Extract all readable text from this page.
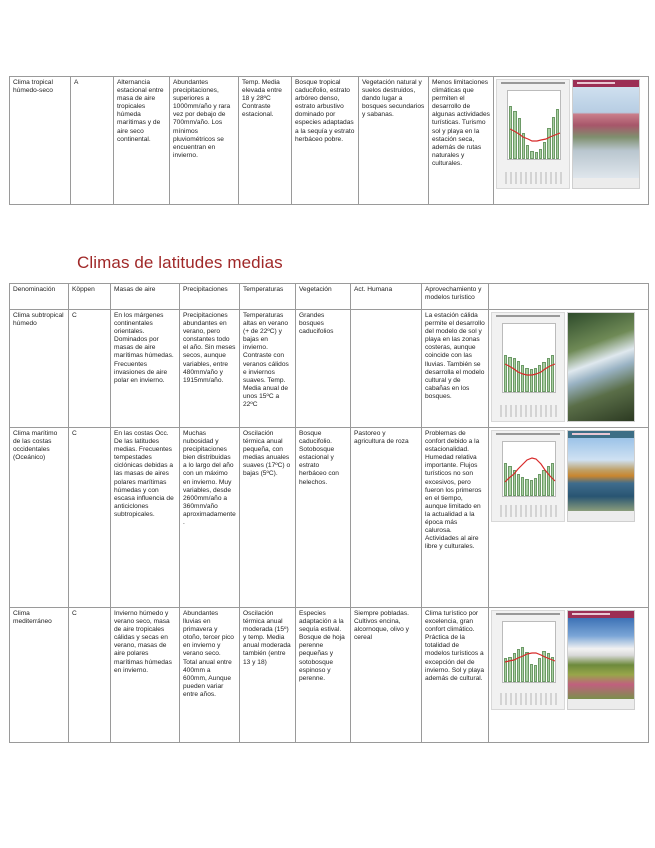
Clima tropical húmedo-seco	A	Alternancia estacional entre masa de aire tropicales húmeda marítimas y de aire seco continental.	Abundantes precipitaciones, superiores a 1000mm/año y rara vez por debajo de 700mm/año. Los mínimos pluviométricos se encuentran en invierno.	Temp. Media elevada entre 18 y 28ºC Contraste estacional.	Bosque tropical caducifolio, estrato arbóreo denso, estrato arbustivo dominado por especies adaptadas a la sequía y estrato herbáceo pobre.	Vegetación natural y suelos destruidos, dando lugar a bosques secundarios y sabanas.	Menos limitaciones climáticas que permiten el desarrollo de algunas actividades turísticas. Turismo sol y playa en la estación seca, además de rutas naturales y culturales.	
Climas de latitudes medias
Denominación	Köppen	Masas de aire	Precipitaciones	Temperaturas	Vegetación	Act. Humana	Aprovechamiento y modelos turístico	
Clima subtropical húmedo	C	En los márgenes continentales orientales. Dominados por masas de aire marítimas húmedas. Frecuentes invasiones de aire polar en invierno.	Precipitaciones abundantes en verano, pero constantes todo el año. Sin meses secos, aunque variables, entre 480mm/año y 1915mm/año.	Temperaturas altas en verano (+ de 22ºC) y bajas en invierno. Contraste con veranos cálidos e inviernos suaves. Temp. Media anual de unos 15ºC a 22ºC	Grandes bosques caducifolios		La estación cálida permite el desarrollo del modelo de sol y playa en las zonas costeras, aunque coincide con las lluvias. También se desarrolla el modelo cultural y de cabañas en los bosques.	

Clima marítimo de las costas occidentales (Oceánico)	C	En las costas Occ. De las latitudes medias. Frecuentes tempestades ciclónicas debidas a las masas de aires polares marítimas húmedas y con escasa influencia de anticiclones subtropicales.	Muchas nubosidad y precipitaciones bien distribuidas a lo largo del año con un máximo en invierno. Muy variables, desde 2600mm/año a 360mm/año aproximadamente.	Oscilación térmica anual pequeña, con medias anuales suaves (17ºC) o bajas (5ºC).	Bosque caducifolio. Sotobosque estacional y estrato herbáceo con helechos.	Pastoreo y agricultura de roza	Problemas de confort debido a la estacionalidad. Humedad relativa importante. Flujos turísticos no son excesivos, pero fueron los primeros en el tiempo, aunque limitado en la actualidad a la época más calurosa. Actividades al aire libre y culturales.	

Clima mediterráneo	C	Invierno húmedo y verano seco, masa de aire tropicales cálidas y secas en verano, masas de aire polares marítimas húmedas en invierno.	Abundantes lluvias en primavera y otoño, tercer pico en invierno y verano seco. Total anual entre 400mm a 600mm, Aunque pueden variar entre años.	Oscilación térmica anual moderada (15º) y temp. Media anual moderada también (entre 13 y 18)	Especies adaptación a la sequía estival. Bosque de hoja perenne pequeñas y sotobosque espinoso y perenne.	Siempre pobladas. Cultivos encina, alcornoque, olivo y cereal	Clima turístico por excelencia, gran confort climático. Práctica de la totalidad de modelos turísticos a excepción del de invierno. Sol y playa además de cultural.	
